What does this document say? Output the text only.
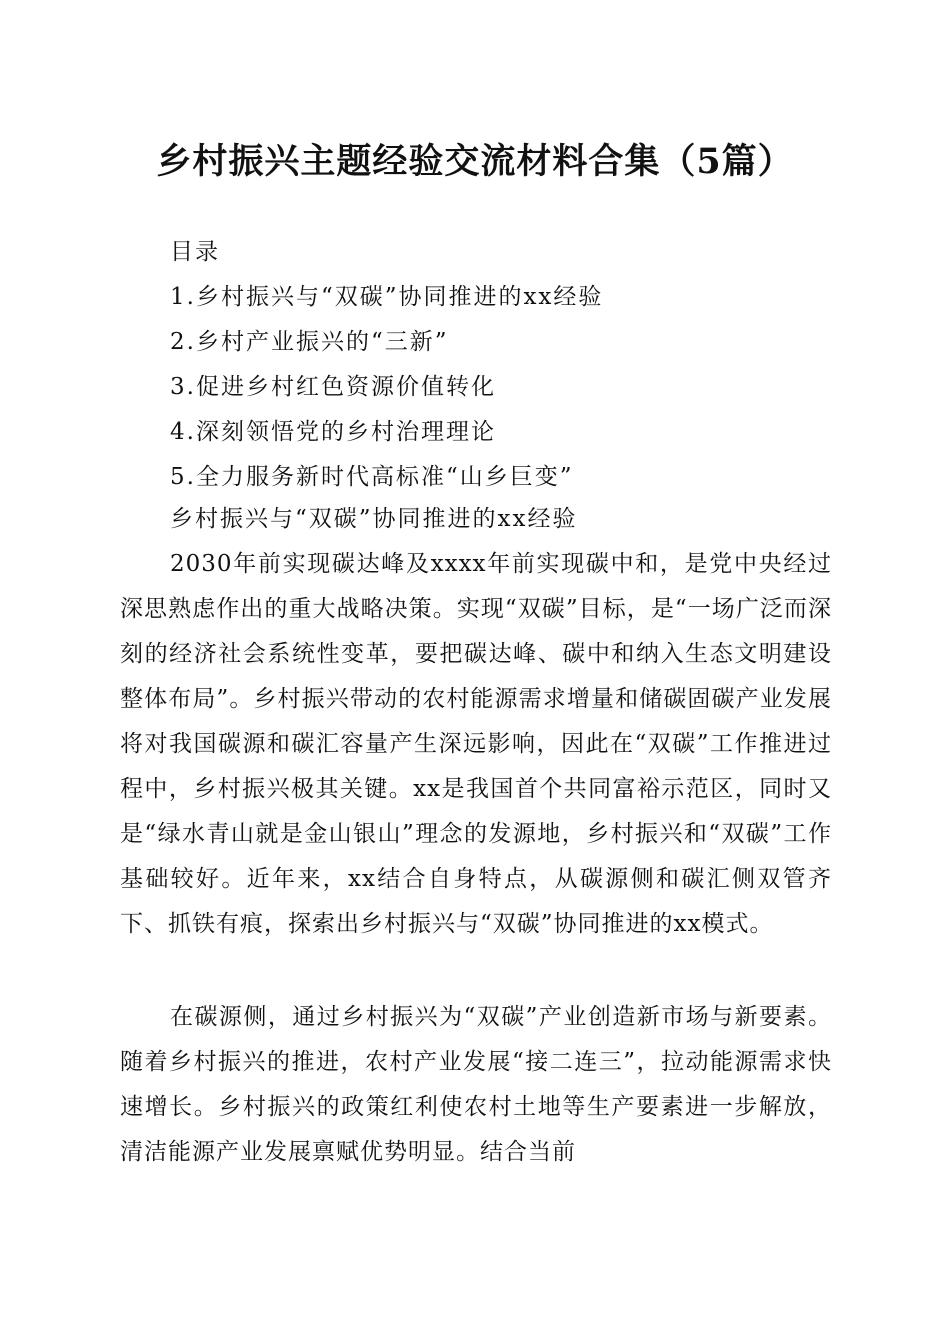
乡村振兴主题经验交流材料合集（5篇）
目录
1.乡村振兴与“双碳”协同推进的xx经验
2.乡村产业振兴的“三新”
3.促进乡村红色资源价值转化
4.深刻领悟党的乡村治理理论
5.全力服务新时代高标准“山乡巨变”
乡村振兴与“双碳”协同推进的xx经验

2030年前实现碳达峰及xxxx年前实现碳中和，是党中央经过深思熟虑作出的重大战略决策。实现“双碳”目标，是“一场广泛而深刻的经济社会系统性变革，要把碳达峰、碳中和纳入生态文明建设整体布局”。乡村振兴带动的农村能源需求增量和储碳固碳产业发展将对我国碳源和碳汇容量产生深远影响，因此在“双碳”工作推进过程中，乡村振兴极其关键。xx是我国首个共同富裕示范区，同时又是“绿水青山就是金山银山”理念的发源地，乡村振兴和“双碳”工作基础较好。近年来，xx结合自身特点，从碳源侧和碳汇侧双管齐下、抓铁有痕，探索出乡村振兴与“双碳”协同推进的xx模式。

在碳源侧，通过乡村振兴为“双碳”产业创造新市场与新要素。随着乡村振兴的推进，农村产业发展“接二连三”，拉动能源需求快速增长。乡村振兴的政策红利使农村土地等生产要素进一步解放，清洁能源产业发展禀赋优势明显。结合当前
